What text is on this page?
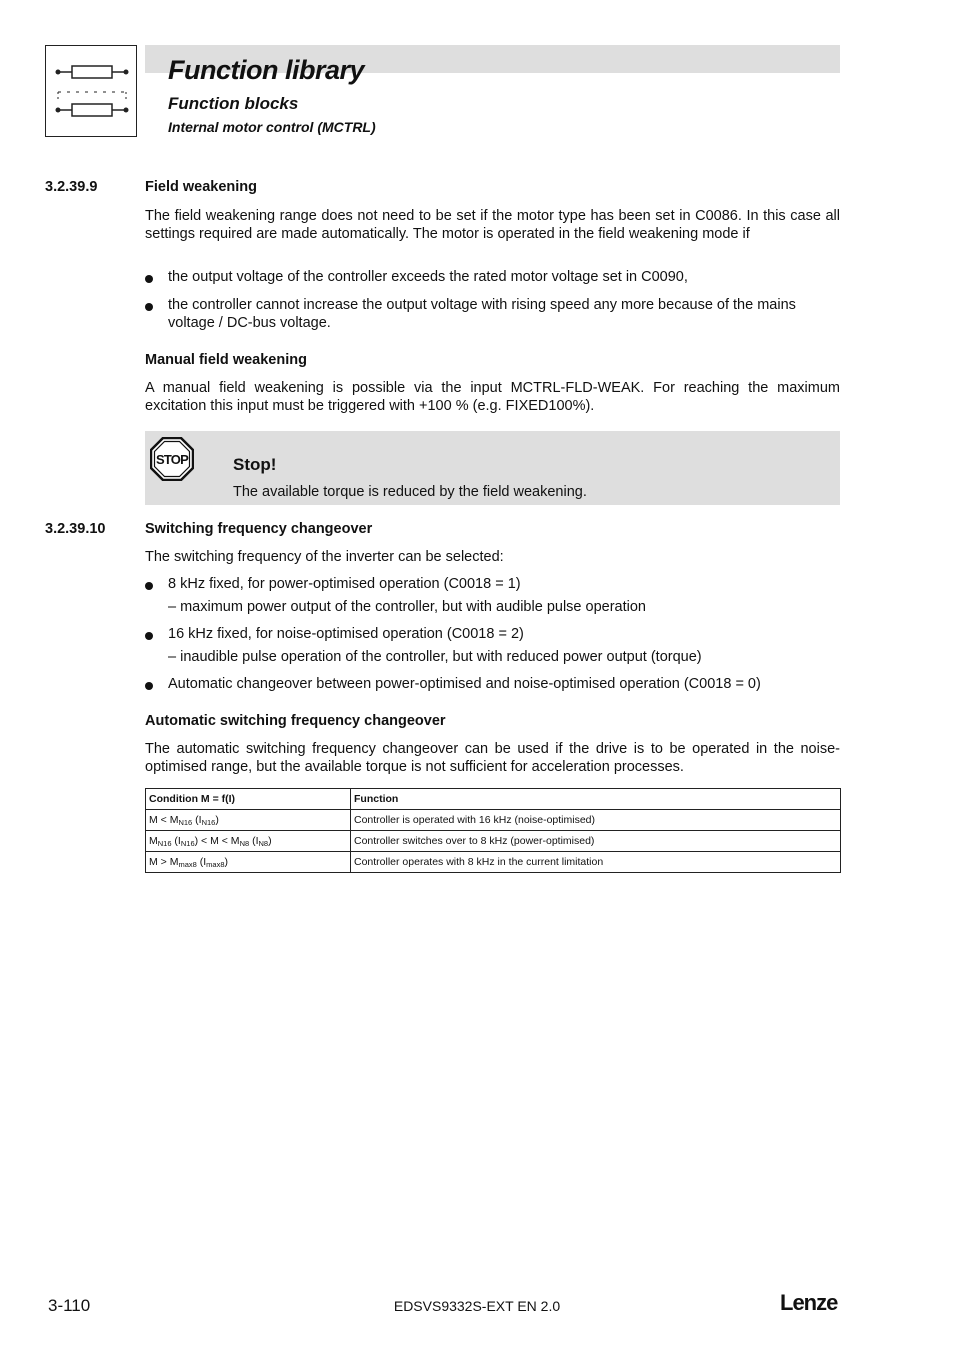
Function library
Function blocks
Internal motor control (MCTRL)
3.2.39.9	Field weakening
The field weakening range does not need to be set if the motor type has been set in C0086. In this case all settings required are made automatically. The motor is operated in the field weakening mode if
the output voltage of the controller exceeds the rated motor voltage set in C0090,
the controller cannot increase the output voltage with rising speed any more because of the mains voltage / DC-bus voltage.
Manual field weakening
A manual field weakening is possible via the input MCTRL-FLD-WEAK. For reaching the maximum excitation this input must be triggered with +100 % (e.g. FIXED100%).
STOP	Stop!
The available torque is reduced by the field weakening.
3.2.39.10	Switching frequency changeover
The switching frequency of the inverter can be selected:
8 kHz fixed, for power-optimised operation (C0018 = 1)
– maximum power output of the controller, but with audible pulse operation
16 kHz fixed, for noise-optimised operation (C0018 = 2)
– inaudible pulse operation of the controller, but with reduced power output (torque)
Automatic changeover between power-optimised and noise-optimised operation (C0018 = 0)
Automatic switching frequency changeover
The automatic switching frequency changeover can be used if the drive is to be operated in the noise-optimised range, but the available torque is not sufficient for acceleration processes.
Condition M = f(I)	Function
$M < M_{N16}$ $(I_{N16})$	Controller is operated with 16 kHz (noise-optimised)
$M_{N16}$ $(I_{N16}) < M < M_{N8}$ $(I_{N8})$	Controller switches over to 8 kHz (power-optimised)
$M > M_{max8}$ $(I_{max8})$	Controller operates with 8 kHz in the current limitation
3-110	EDSVS9332S-EXT EN 2.0	Lenze
